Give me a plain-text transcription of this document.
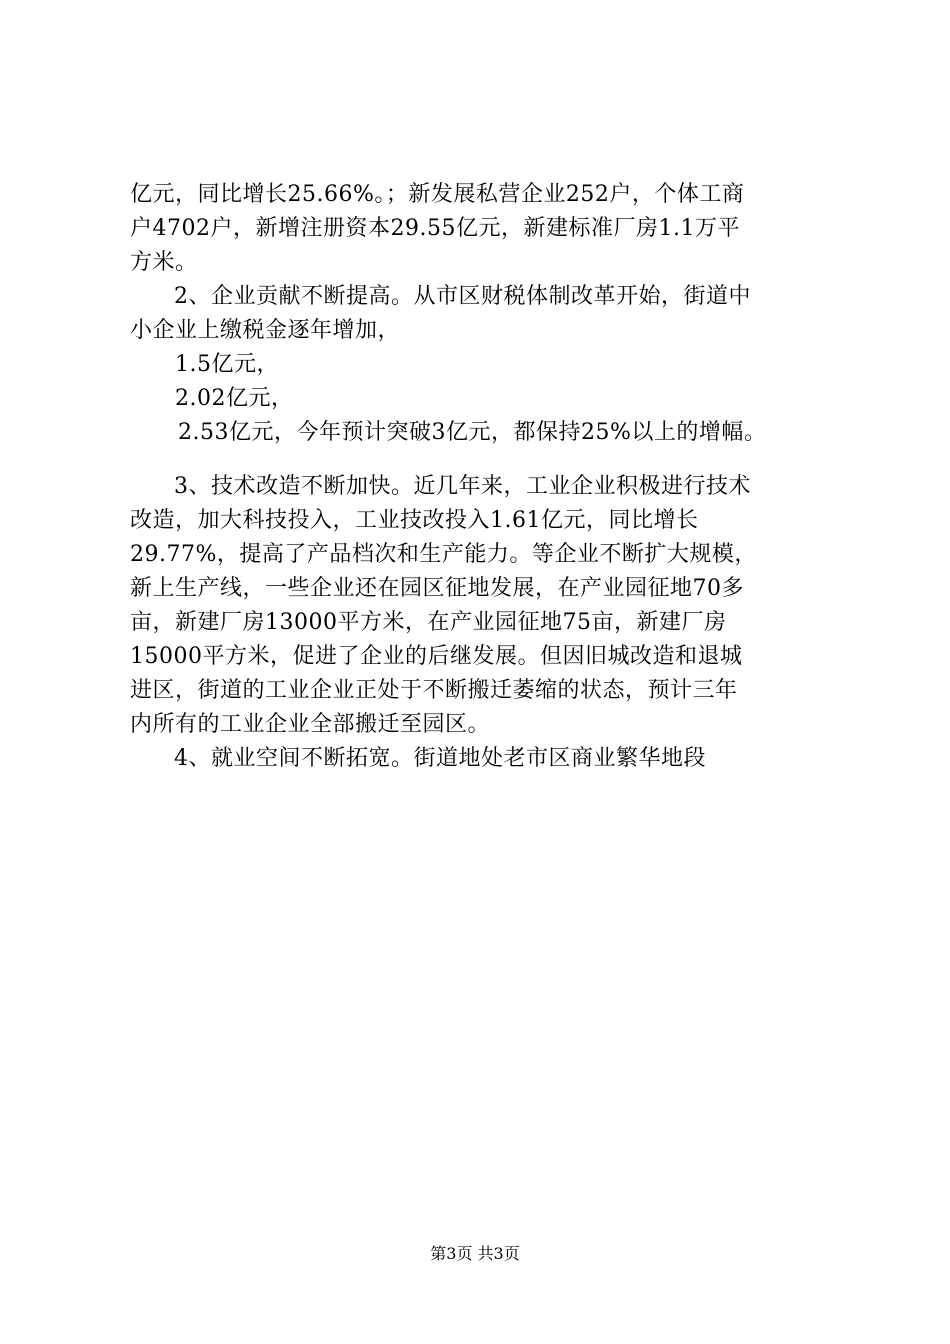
亿元，同比增长25.66%。；新发展私营企业252户，个体工商
户4702户，新增注册资本29.55亿元，新建标准厂房1.1万平
方米。
2、企业贡献不断提高。从市区财税体制改革开始，街道中
小企业上缴税金逐年增加，
1.5亿元，
2.02亿元，
2.53亿元，今年预计突破3亿元，都保持25%以上的增幅。
3、技术改造不断加快。近几年来，工业企业积极进行技术
改造，加大科技投入，工业技改投入1.61亿元，同比增长
29.77%，提高了产品档次和生产能力。等企业不断扩大规模，
新上生产线，一些企业还在园区征地发展，在产业园征地70多
亩，新建厂房13000平方米，在产业园征地75亩，新建厂房
15000平方米，促进了企业的后继发展。但因旧城改造和退城
进区，街道的工业企业正处于不断搬迁萎缩的状态，预计三年
内所有的工业企业全部搬迁至园区。
4、就业空间不断拓宽。街道地处老市区商业繁华地段
第3页 共3页
